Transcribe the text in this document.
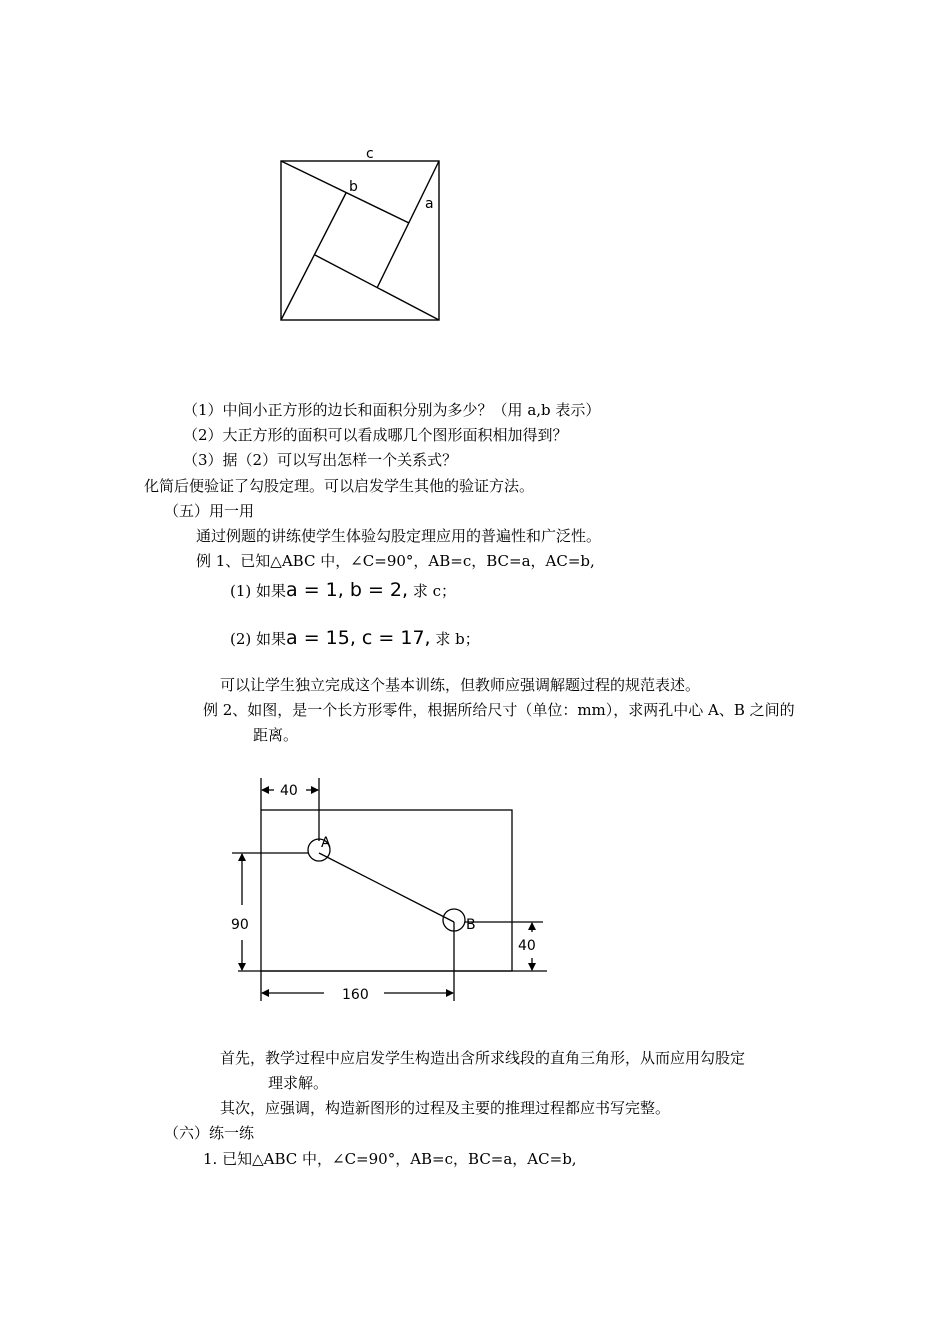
c
b
a
（1）中间小正方形的边长和面积分别为多少？（用 a,b 表示）
（2）大正方形的面积可以看成哪几个图形面积相加得到？
（3）据（2）可以写出怎样一个关系式？
化简后便验证了勾股定理。可以启发学生其他的验证方法。
（五）用一用
通过例题的讲练使学生体验勾股定理应用的普遍性和广泛性。
例 1、已知△ABC 中，∠C=90°，AB=c，BC=a，AC=b,
(1) 如果a = 1, b = 2, 求 c；
(2) 如果a = 15, c = 17, 求 b；
可以让学生独立完成这个基本训练，但教师应强调解题过程的规范表述。
例 2、如图，是一个长方形零件，根据所给尺寸（单位：mm），求两孔中心 A、B 之间的
距离。
40
90
40
160
A
B
首先，教学过程中应启发学生构造出含所求线段的直角三角形，从而应用勾股定
理求解。
其次，应强调，构造新图形的过程及主要的推理过程都应书写完整。
（六）练一练
1. 已知△ABC 中，∠C=90°，AB=c，BC=a，AC=b,
